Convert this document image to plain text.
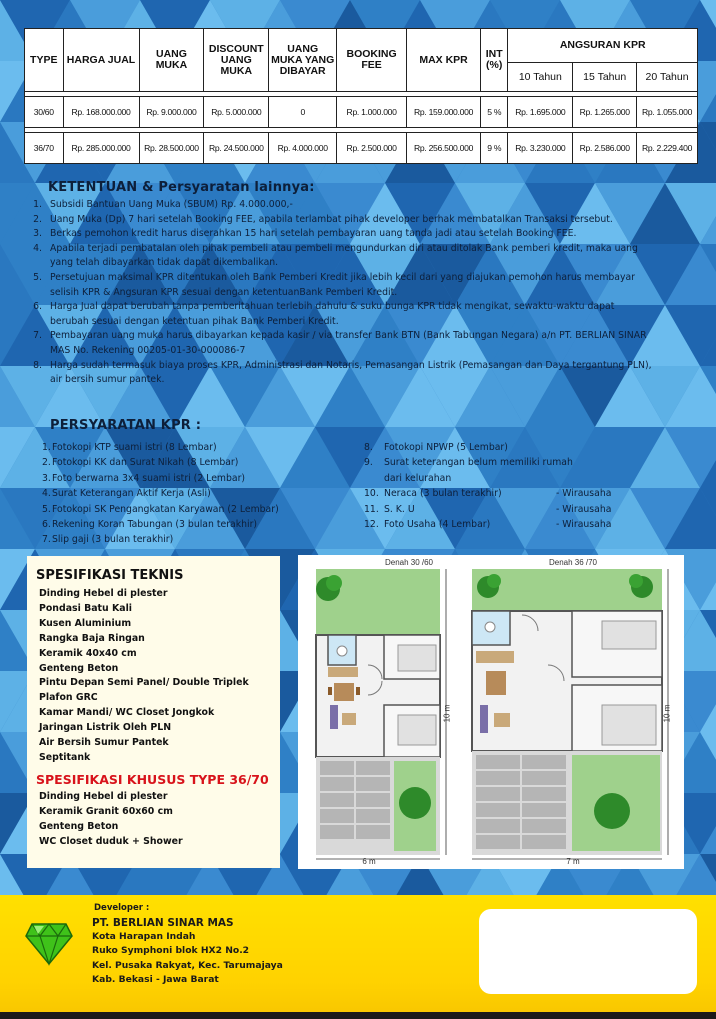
TYPE	HARGA JUAL	UANG MUKA	DISCOUNT UANG MUKA	UANG MUKA YANG DIBAYAR	BOOKING FEE	MAX KPR	INT (%)	ANGSURAN KPR		
								10 Tahun	15 Tahun	20 Tahun

30/60	Rp. 168.000.000	Rp. 9.000.000	Rp. 5.000.000	0	Rp. 1.000.000	Rp. 159.000.000	5 %	Rp. 1.695.000	Rp. 1.265.000	Rp. 1.055.000

36/70	Rp. 285.000.000	Rp. 28.500.000	Rp. 24.500.000	Rp. 4.000.000	Rp. 2.500.000	Rp. 256.500.000	9 %	Rp. 3.230.000	Rp. 2.586.000	Rp. 2.229.400
KETENTUAN & Persyaratan lainnya:
1. Subsidi Bantuan Uang Muka (SBUM) Rp. 4.000.000,-
2. Uang Muka (Dp) 7 hari setelah Booking FEE, apabila terlambat pihak developer berhak membatalkan Transaksi tersebut.
3. Berkas pemohon kredit harus diserahkan 15 hari setelah pembayaran uang tanda jadi atau setelah Booking FEE.
4. Apabila terjadi pembatalan oleh pihak pembeli atau pembeli mengundurkan diri atau ditolak Bank pemberi kredit, maka uang yang telah dibayarkan tidak dapat dikembalikan.
5. Persetujuan maksimal KPR ditentukan oleh Bank Pemberi Kredit jika lebih kecil dari yang diajukan pemohon harus membayar selisih KPR & Angsuran KPR sesuai dengan ketentuanBank Pemberi Kredit.
6. Harga Jual dapat berubah tanpa pemberitahuan terlebih dahulu & suku bunga KPR tidak mengikat, sewaktu-waktu dapat berubah sesuai dengan ketentuan pihak Bank Pemberi Kredit.
7. Pembayaran uang muka harus dibayarkan kepada kasir / via transfer Bank BTN (Bank Tabungan Negara) a/n PT. BERLIAN SINAR MAS No. Rekening 00205-01-30-000086-7
8. Harga sudah termasuk biaya proses KPR, Administrasi dan Notaris, Pemasangan Listrik (Pemasangan dan Daya tergantung PLN), air bersih sumur pantek.
PERSYARATAN KPR :
1. Fotokopi KTP suami istri (8 Lembar)
2. Fotokopi KK dan Surat Nikah (8 Lembar)
3. Foto berwarna 3x4 suami istri (2 Lembar)
4. Surat Keterangan Aktif Kerja (Asli)
5. Fotokopi SK Pengangkatan Karyawan (2 Lembar)
6. Rekening Koran Tabungan (3 bulan terakhir)
7. Slip gaji (3 bulan terakhir)
8.	Fotokopi NPWP (5 Lembar)
9.	Surat keterangan belum memiliki rumah
dari kelurahan
10. Neraca (3 bulan terakhir)	- Wirausaha
11. S. K. U	- Wirausaha
12. Foto Usaha (4 Lembar)	- Wirausaha
SPESIFIKASI TEKNIS
Dinding Hebel di plester
Pondasi Batu Kali
Kusen Aluminium
Rangka Baja Ringan
Keramik 40x40 cm
Genteng Beton
Pintu Depan Semi Panel/ Double Triplek
Plafon GRC
Kamar Mandi/ WC Closet Jongkok
Jaringan Listrik Oleh PLN
Air Bersih Sumur Pantek
Septitank
SPESIFIKASI KHUSUS TYPE 36/70
Dinding Hebel di plester
Keramik Granit 60x60 cm
Genteng Beton
WC Closet duduk + Shower
Denah 30 /60
6 m
10 m
Denah 36 /70
7 m
10 m
Developer :
PT. BERLIAN SINAR MAS
Kota Harapan Indah
Ruko Symphoni blok HX2 No.2
Kel. Pusaka Rakyat, Kec. Tarumajaya
Kab. Bekasi - Jawa Barat
